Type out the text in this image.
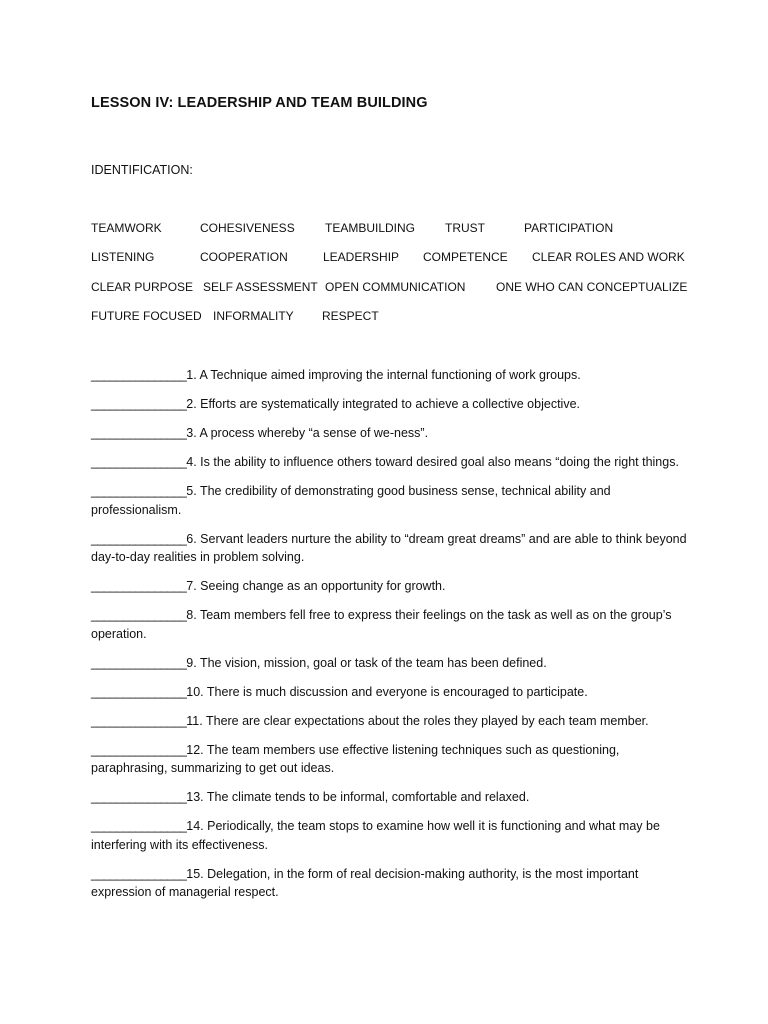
LESSON IV: LEADERSHIP AND TEAM BUILDING
IDENTIFICATION:
TEAMWORK	COHESIVENESS	TEAMBUILDING TRUST	PARTICIPATION
LISTENING	COOPERATION	LEADERSHIP COMPETENCE CLEAR ROLES AND WORK
CLEAR PURPOSE SELF ASSESSMENT OPEN COMMUNICATION	ONE WHO CAN CONCEPTUALIZE
FUTURE FOCUSED INFORMALITY RESPECT

_______________1. A Technique aimed improving the internal functioning of work groups.

_______________2. Efforts are systematically integrated to achieve a collective objective.

_______________3. A process whereby “a sense of we-ness”.

_______________4. Is the ability to influence others toward desired goal also means “doing the right things.

_______________5. The credibility of demonstrating good business sense, technical ability and professionalism.

_______________6. Servant leaders nurture the ability to “dream great dreams” and are able to think beyond day-to-day realities in problem solving.

_______________7. Seeing change as an opportunity for growth.

_______________8. Team members fell free to express their feelings on the task as well as on the group’s operation.

_______________9. The vision, mission, goal or task of the team has been defined.

_______________10. There is much discussion and everyone is encouraged to participate.

_______________11. There are clear expectations about the roles they played by each team member.

_______________12. The team members use effective listening techniques such as questioning, paraphrasing, summarizing to get out ideas.

_______________13. The climate tends to be informal, comfortable and relaxed.

_______________14. Periodically, the team stops to examine how well it is functioning and what may be interfering with its effectiveness.

_______________15. Delegation, in the form of real decision-making authority, is the most important expression of managerial respect.
